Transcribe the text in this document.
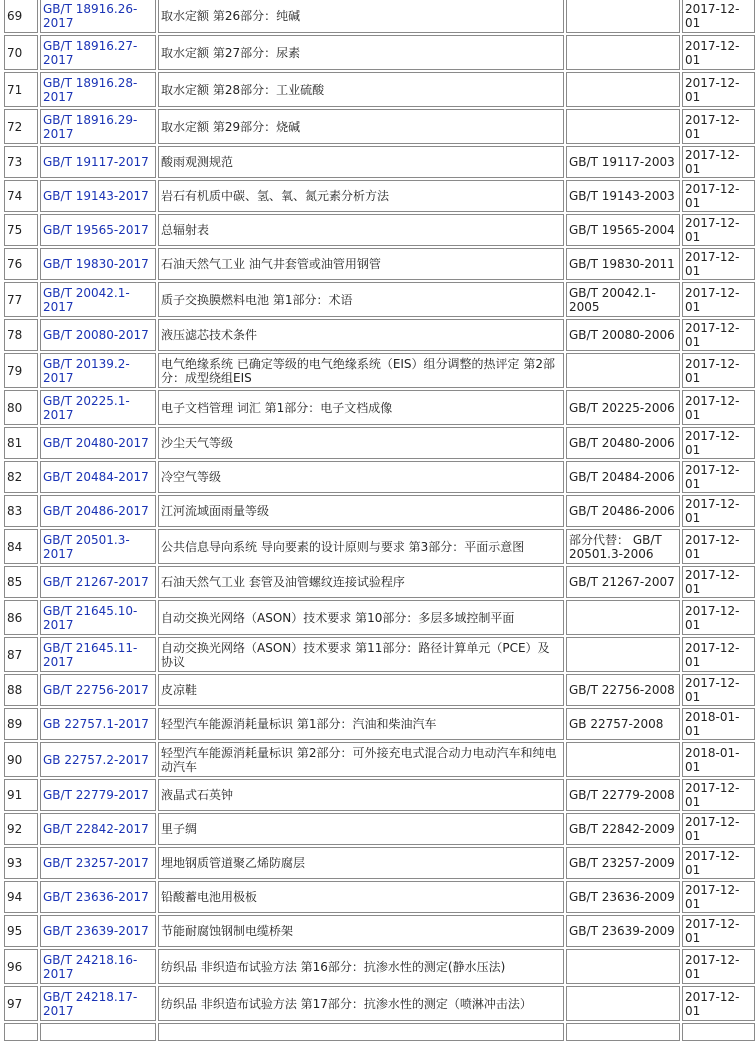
69	GB/T 18916.26-2017	取水定额 第26部分：纯碱		2017-12-01
70	GB/T 18916.27-2017	取水定额 第27部分：尿素		2017-12-01
71	GB/T 18916.28-2017	取水定额 第28部分：工业硫酸		2017-12-01
72	GB/T 18916.29-2017	取水定额 第29部分：烧碱		2017-12-01
73	GB/T 19117-2017	酸雨观测规范	GB/T 19117-2003	2017-12-01
74	GB/T 19143-2017	岩石有机质中碳、氢、氧、氮元素分析方法	GB/T 19143-2003	2017-12-01
75	GB/T 19565-2017	总辐射表	GB/T 19565-2004	2017-12-01
76	GB/T 19830-2017	石油天然气工业 油气井套管或油管用钢管	GB/T 19830-2011	2017-12-01
77	GB/T 20042.1-2017	质子交换膜燃料电池 第1部分：术语	GB/T 20042.1-2005	2017-12-01
78	GB/T 20080-2017	液压滤芯技术条件	GB/T 20080-2006	2017-12-01
79	GB/T 20139.2-2017	电气绝缘系统 已确定等级的电气绝缘系统（EIS）组分调整的热评定 第2部分：成型绕组EIS		2017-12-01
80	GB/T 20225.1-2017	电子文档管理 词汇 第1部分：电子文档成像	GB/T 20225-2006	2017-12-01
81	GB/T 20480-2017	沙尘天气等级	GB/T 20480-2006	2017-12-01
82	GB/T 20484-2017	冷空气等级	GB/T 20484-2006	2017-12-01
83	GB/T 20486-2017	江河流域面雨量等级	GB/T 20486-2006	2017-12-01
84	GB/T 20501.3-2017	公共信息导向系统 导向要素的设计原则与要求 第3部分：平面示意图	部分代替： GB/T 20501.3-2006	2017-12-01
85	GB/T 21267-2017	石油天然气工业 套管及油管螺纹连接试验程序	GB/T 21267-2007	2017-12-01
86	GB/T 21645.10-2017	自动交换光网络（ASON）技术要求 第10部分：多层多域控制平面		2017-12-01
87	GB/T 21645.11-2017	自动交换光网络（ASON）技术要求 第11部分：路径计算单元（PCE）及协议		2017-12-01
88	GB/T 22756-2017	皮凉鞋	GB/T 22756-2008	2017-12-01
89	GB 22757.1-2017	轻型汽车能源消耗量标识 第1部分：汽油和柴油汽车	GB 22757-2008	2018-01-01
90	GB 22757.2-2017	轻型汽车能源消耗量标识 第2部分：可外接充电式混合动力电动汽车和纯电动汽车		2018-01-01
91	GB/T 22779-2017	液晶式石英钟	GB/T 22779-2008	2017-12-01
92	GB/T 22842-2017	里子绸	GB/T 22842-2009	2017-12-01
93	GB/T 23257-2017	埋地钢质管道聚乙烯防腐层	GB/T 23257-2009	2017-12-01
94	GB/T 23636-2017	铅酸蓄电池用极板	GB/T 23636-2009	2017-12-01
95	GB/T 23639-2017	节能耐腐蚀钢制电缆桥架	GB/T 23639-2009	2017-12-01
96	GB/T 24218.16-2017	纺织品 非织造布试验方法 第16部分：抗渗水性的测定(静水压法)		2017-12-01
97	GB/T 24218.17-2017	纺织品 非织造布试验方法 第17部分：抗渗水性的测定（喷淋冲击法）		2017-12-01
